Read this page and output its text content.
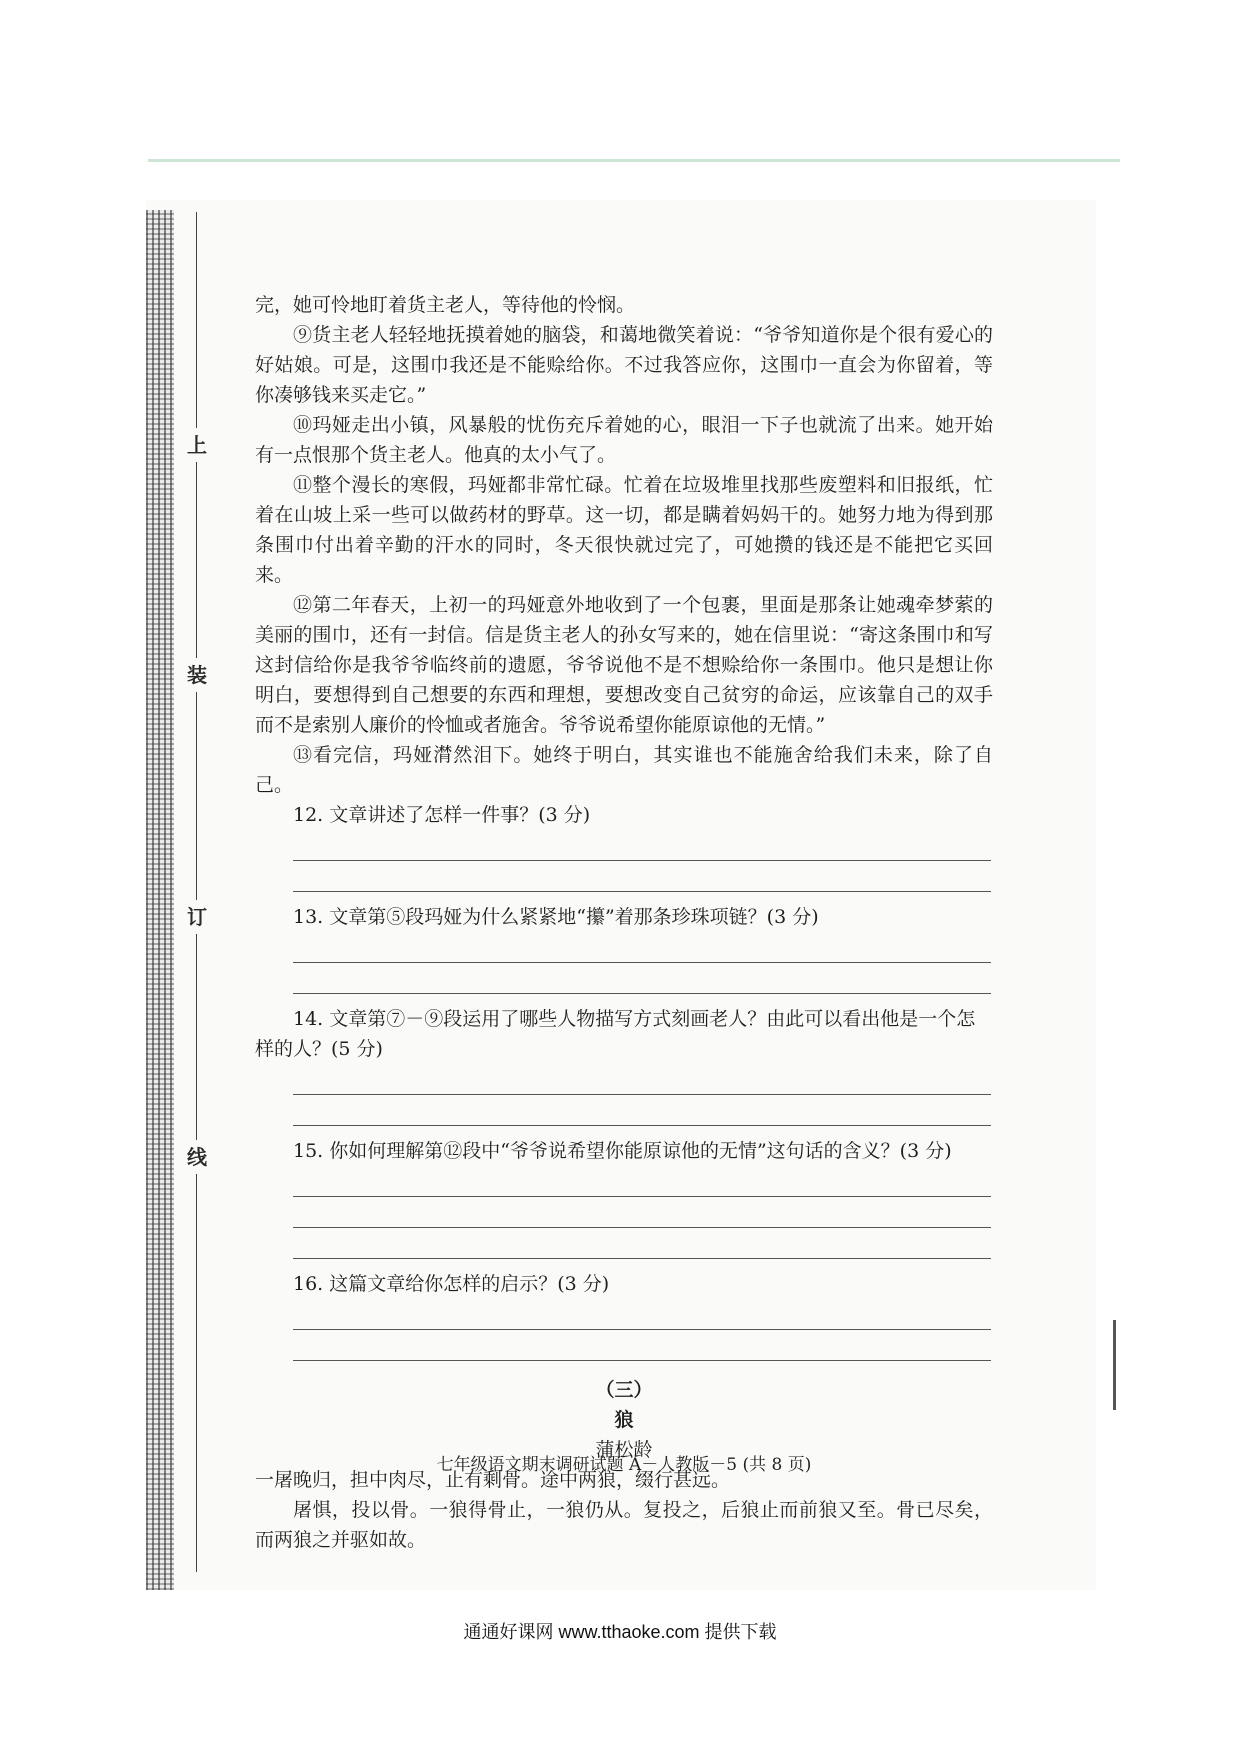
上
装
订
线

完，她可怜地盯着货主老人，等待他的怜悯。

⑨货主老人轻轻地抚摸着她的脑袋，和蔼地微笑着说：“爷爷知道你是个很有爱心的好姑娘。可是，这围巾我还是不能赊给你。不过我答应你，这围巾一直会为你留着，等你凑够钱来买走它。”

⑩玛娅走出小镇，风暴般的忧伤充斥着她的心，眼泪一下子也就流了出来。她开始有一点恨那个货主老人。他真的太小气了。

⑪整个漫长的寒假，玛娅都非常忙碌。忙着在垃圾堆里找那些废塑料和旧报纸，忙着在山坡上采一些可以做药材的野草。这一切，都是瞒着妈妈干的。她努力地为得到那条围巾付出着辛勤的汗水的同时，冬天很快就过完了，可她攒的钱还是不能把它买回来。

⑫第二年春天，上初一的玛娅意外地收到了一个包裹，里面是那条让她魂牵梦萦的美丽的围巾，还有一封信。信是货主老人的孙女写来的，她在信里说：“寄这条围巾和写这封信给你是我爷爷临终前的遗愿，爷爷说他不是不想赊给你一条围巾。他只是想让你明白，要想得到自己想要的东西和理想，要想改变自己贫穷的命运，应该靠自己的双手而不是索别人廉价的怜恤或者施舍。爷爷说希望你能原谅他的无情。”

⑬看完信，玛娅潸然泪下。她终于明白，其实谁也不能施舍给我们未来，除了自己。

12. 文章讲述了怎样一件事？(3 分)

13. 文章第⑤段玛娅为什么紧紧地“攥”着那条珍珠项链？(3 分)

14. 文章第⑦－⑨段运用了哪些人物描写方式刻画老人？由此可以看出他是一个怎样的人？(5 分)

15. 你如何理解第⑫段中“爷爷说希望你能原谅他的无情”这句话的含义？(3 分)

16. 这篇文章给你怎样的启示？(3 分)

（三）
狼
蒲松龄

一屠晚归，担中肉尽，止有剩骨。途中两狼，缀行甚远。

屠惧，投以骨。一狼得骨止，一狼仍从。复投之，后狼止而前狼又至。骨已尽矣，而两狼之并驱如故。

七年级语文期末调研试题 A－人教版－5 (共 8 页)
通通好课网 www.tthaoke.com 提供下载
